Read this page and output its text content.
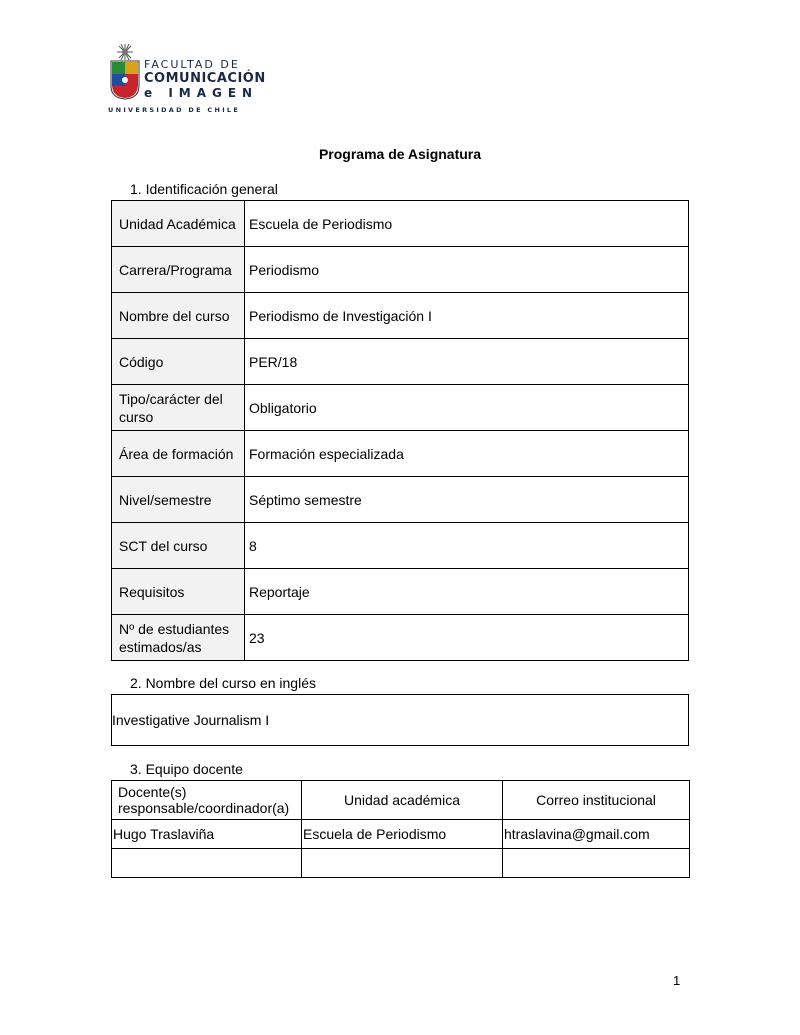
FACULTAD DE
COMUNICACIÓN
e IMAGEN
UNIVERSIDAD DE CHILE
Programa de Asignatura
1. Identificación general
Unidad Académica	Escuela de Periodismo
Carrera/Programa	Periodismo
Nombre del curso	Periodismo de Investigación I
Código	PER/18
Tipo/carácter del curso	Obligatorio
Área de formación	Formación especializada
Nivel/semestre	Séptimo semestre
SCT del curso	8
Requisitos	Reportaje
Nº de estudiantes estimados/as	23
2. Nombre del curso en inglés
Investigative Journalism I
3. Equipo docente
Docente(s) responsable/coordinador(a)	Unidad académica	Correo institucional
Hugo Traslaviña	Escuela de Periodismo	htraslavina@gmail.com

1
